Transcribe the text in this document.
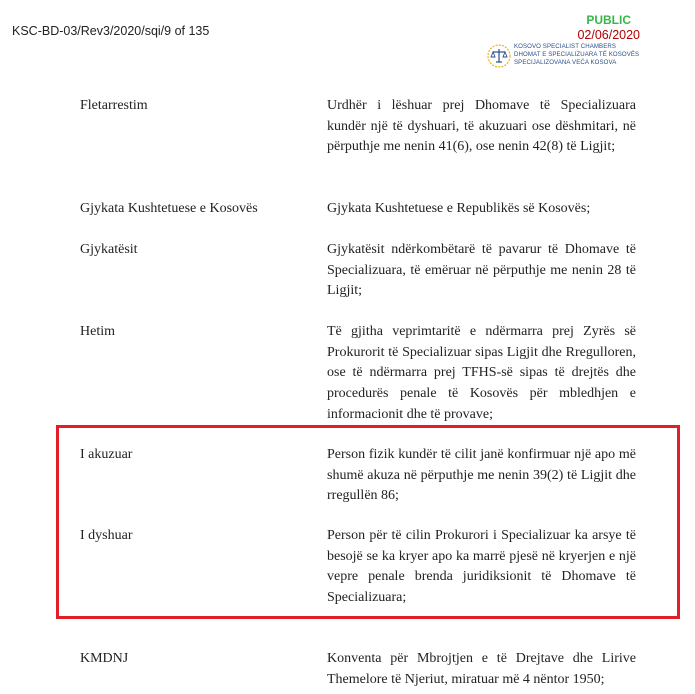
KSC-BD-03/Rev3/2020/sqi/9 of 135
PUBLIC
02/06/2020
KOSOVO SPECIALIST CHAMBERS
DHOMAT E SPECIALIZUARA TË KOSOVËS
SPECIJALIZOVANA VEĆA KOSOVA
Fletarrestim	Urdhër i lëshuar prej Dhomave të Specializuara kundër një të dyshuari, të akuzuari ose dëshmitari, në përputhje me nenin 41(6), ose nenin 42(8) të Ligjit;
Gjykata Kushtetuese e Kosovës	Gjykata Kushtetuese e Republikës së Kosovës;
Gjykatësit	Gjykatësit ndërkombëtarë të pavarur të Dhomave të Specializuara, të emëruar në përputhje me nenin 28 të Ligjit;
Hetim	Të gjitha veprimtaritë e ndërmarra prej Zyrës së Prokurorit të Specializuar sipas Ligjit dhe Rregulloren, ose të ndërmarra prej TFHS-së sipas të drejtës dhe procedurës penale të Kosovës për mbledhjen e informacionit dhe të provave;
I akuzuar	Person fizik kundër të cilit janë konfirmuar një apo më shumë akuza në përputhje me nenin 39(2) të Ligjit dhe rregullën 86;
I dyshuar	Person për të cilin Prokurori i Specializuar ka arsye të besojë se ka kryer apo ka marrë pjesë në kryerjen e një vepre penale brenda juridiksionit të Dhomave të Specializuara;
KMDNJ	Konventa për Mbrojtjen e të Drejtave dhe Lirive Themelore të Njeriut, miratuar më 4 nëntor 1950;
